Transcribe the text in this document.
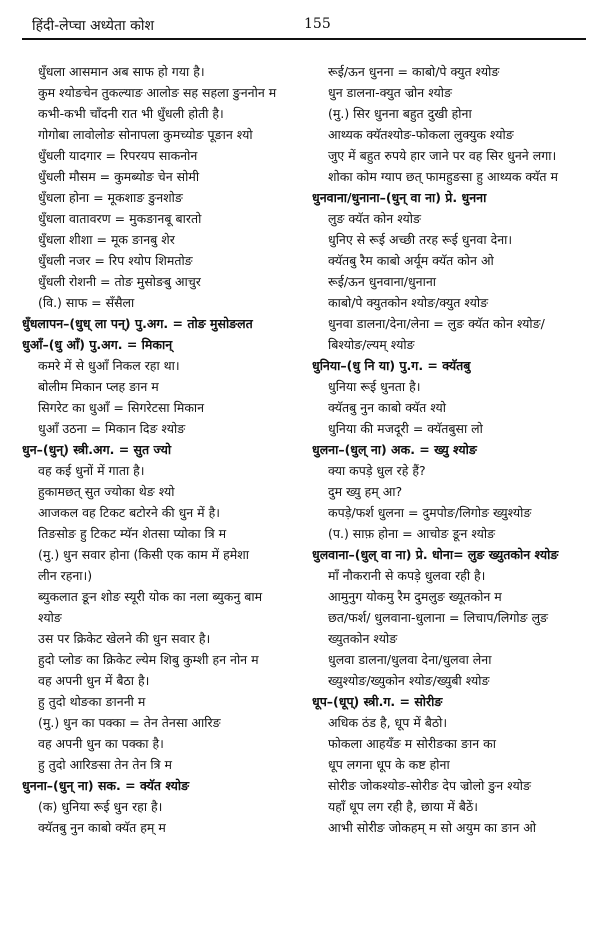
हिंदी-लेप्चा अध्येता कोश	155
धुँधला आसमान अब साफ हो गया है।
कुम श्योङचेन तुकल्याङ आलोङ सह सहला ङुननोन म
कभी-कभी चाँदनी रात भी धुँधली होती है।
गोगोबा लावोलोङ सोनापला कुमच्योङ पूङान श्यो
धुँधली यादगार = रिपरयप साकनोन
धुँधली मौसम = कुमब्योङ चेन सोमी
धुँधला होना = मूकशाङ ङुनशोङ
धुँधला वातावरण = मुकङानबू बारतो
धुँधला शीशा = मूक ङानबु शेर
धुँधली नजर = रिप श्योप शिमतोङ
धुँधली रोशनी = तोङ मुसोङबु आचुर
(वि.) साफ = सँसैला
धुँधलापन–(धुध् ला पन्) पु.अग. = तोङ मुसोङलत
धुआँ–(धु आँ) पु.अग. = मिकान्
कमरे में से धुआँ निकल रहा था।
बोलीम मिकान प्लह ङान म
सिगरेट का धुआँ = सिगरेटसा मिकान
धुआँ उठना = मिकान दिङ श्योङ
धुन–(धुन्) स्त्री.अग. = सुत ज्यो
वह कई धुनों में गाता है।
हुकामछत् सुत ज्योका थेङ श्यो
आजकल वह टिकट बटोरने की धुन में है।
तिङसोङ हु टिकट म्यॅन शेतसा प्योका त्रि म
(मु.) धुन सवार होना (किसी एक काम में हमेशा
लीन रहना।)
ब्युकलात ङून शोङ स्यूरी योक का नला ब्युकनु बाम
श्योङ
उस पर क्रिकेट खेलने की धुन सवार है।
हुदो प्लोङ का क्रिकेट ल्येम शिबु कुम्शी हन नोन म
वह अपनी धुन में बैठा है।
हु तुदो थोङका ङाननी म
(मु.) धुन का पक्का = तेन तेनसा आरिङ
वह अपनी धुन का पक्का है।
हु तुदो आरिङसा तेन तेन त्रि म
धुनना–(धुन् ना) सक. = क्यॅत श्योङ
(क) धुनिया रूई धुन रहा है।
क्यॅतबु नुन काबो क्यॅत हम् म
रूई/ऊन धुनना = काबो/पे क्युत श्योङ
धुन डालना-क्युत ज्रोन श्योङ
(मु.) सिर धुनना बहुत दुखी होना
आथ्यक क्यॅतश्योङ-फोकला लुक्युक श्योङ
जुए में बहुत रुपये हार जाने पर वह सिर धुनने लगा।
शोका कोम ग्याप छत् फामहुङसा हु आथ्यक क्यॅत म
धुनवाना/धुनाना–(धुन् वा ना) प्रे. धुनना
लुङ क्यॅत कोन श्योङ
धुनिए से रूई अच्छी तरह रूई धुनवा देना।
क्यॅतबु रैम काबो अर्यूम क्यॅत कोन ओ
रूई/ऊन धुनवाना/धुनाना
काबो/पे क्युतकोन श्योङ/क्युत श्योङ
धुनवा डालना/देना/लेना = लुङ क्यॅत कोन श्योङ/
बिश्योङ/ल्यम् श्योङ
धुनिया–(धु नि या) पु.ग. = क्यॅतबु
धुनिया रूई धुनता है।
क्यॅतबु नुन काबो क्यॅत श्यो
धुनिया की मजदूरी = क्यॅतबुसा लो
धुलना–(धुल् ना) अक. = ख्यु श्योङ
क्या कपड़े धुल रहे हैं?
दुम ख्यु हम् आ?
कपड़े/फर्श धुलना = दुमपोङ/लिगोङ ख्युश्योङ
(प.) साफ़ होना = आचोङ ङून श्योङ
धुलवाना–(धुल् वा ना) प्रे. धोना= लुङ ख्युतकोन श्योङ
माँ नौकरानी से कपड़े धुलवा रही है।
आमुनुग योकमु रैम दुमलुङ ख्यूतकोन म
छत/फर्श/ धुलवाना-धुलाना = लिचाप/लिगोङ लुङ
ख्युतकोन श्योङ
धुलवा डालना/धुलवा देना/धुलवा लेना
ख्युश्योङ/ख्युकोन श्योङ/ख्युबी श्योङ
धूप–(धूप्) स्त्री.ग. = सोरीङ
अधिक ठंड है, धूप में बैठो।
फोकला आहयँङ म सोरीङका ङान का
धूप लगना धूप के कष्ट होना
सोरीङ जोकश्योङ-सोरीङ देप ज्रोलो ङुन श्योङ
यहाँ धूप लग रही है, छाया में बैठें।
आभी सोरीङ जोकहम् म सो अयुम का ङान ओ
